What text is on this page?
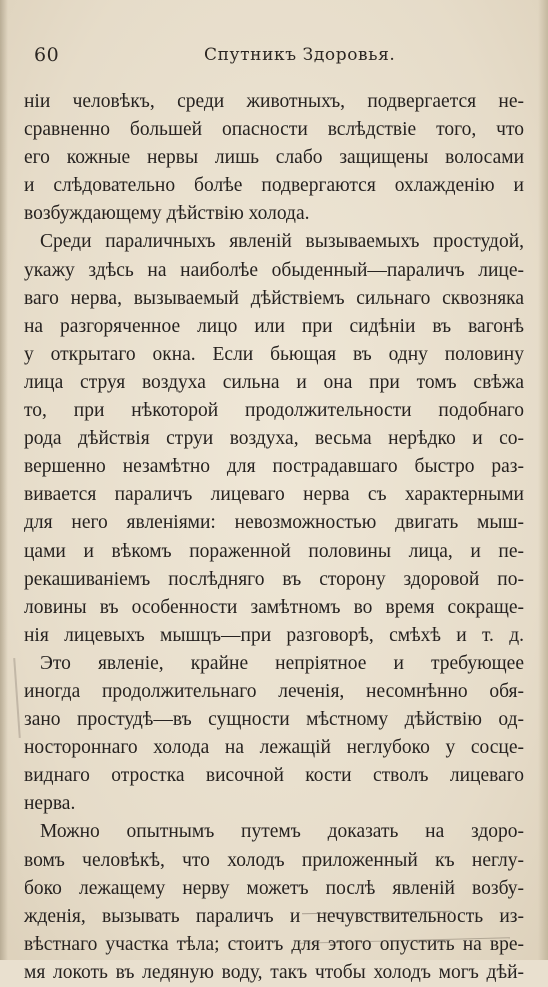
60	Спутникъ Здоровья.
нiи человѣкъ, среди животныхъ, подвергается не-
сравненно большей опасности вслѣдствiе того, что
его кожные нервы лишь слабо защищены волосами
и слѣдовательно болѣе подвергаются охлажденiю и
возбуждающему дѣйствiю холода.
Среди параличныхъ явленiй вызываемыхъ простудой,
укажу здѣсь на наиболѣе обыденный—параличъ лице-
ваго нерва, вызываемый дѣйствiемъ сильнаго сквозняка
на разгоряченное лицо или при сидѣнiи въ вагонѣ
у открытаго окна. Если бьющая въ одну половину
лица струя воздуха сильна и она при томъ свѣжа
то, при нѣкоторой продолжительности подобнаго
рода дѣйствiя струи воздуха, весьма нерѣдко и со-
вершенно незамѣтно для пострадавшаго быстро раз-
вивается параличъ лицеваго нерва съ характерными
для него явленiями: невозможностью двигать мыш-
цами и вѣкомъ пораженной половины лица, и пе-
рекашиванiемъ послѣдняго въ сторону здоровой по-
ловины въ особенности замѣтномъ во время сокраще-
нiя лицевыхъ мышцъ—при разговорѣ, смѣхѣ и т. д.
Это явленiе, крайне непрiятное и требующее
иногда продолжительнаго леченiя, несомнѣнно обя-
зано простудѣ—въ сущности мѣстному дѣйствiю од-
ностороннаго холода на лежащiй неглубоко у сосце-
виднаго отростка височной кости стволъ лицеваго
нерва.
Можно опытнымъ путемъ доказать на здоро-
вомъ человѣкѣ, что холодъ приложенный къ неглу-
боко лежащему нерву можетъ послѣ явленiй возбу-
жденiя, вызывать параличъ и нечувствительность из-
вѣстнаго участка тѣла; стоитъ для этого опустить на вре-
мя локоть въ ледяную воду, такъ чтобы холодъ могъ дѣй-
